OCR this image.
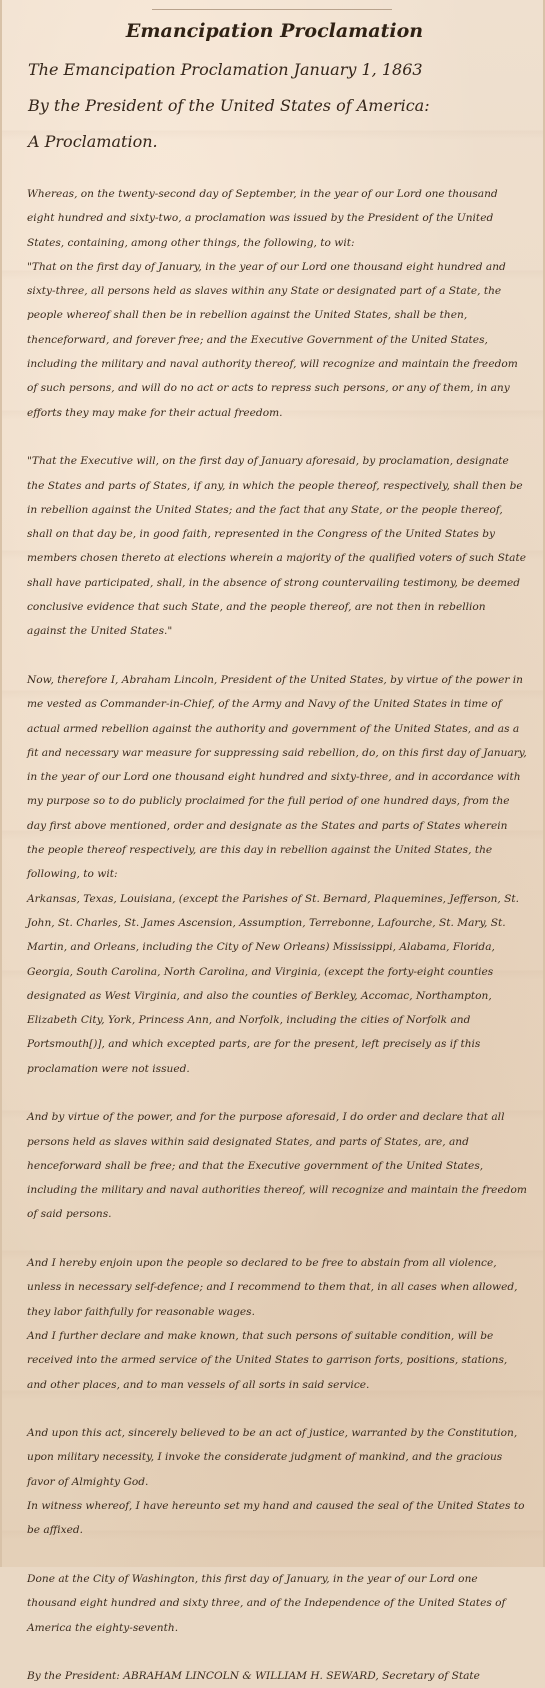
Emancipation Proclamation
The Emancipation Proclamation January 1, 1863
By the President of the United States of America:
A Proclamation.

Whereas, on the twenty-second day of September, in the year of our Lord one thousand eight hundred and sixty-two, a proclamation was issued by the President of the United States, containing, among other things, the following, to wit:

"That on the first day of January, in the year of our Lord one thousand eight hundred and sixty-three, all persons held as slaves within any State or designated part of a State, the people whereof shall then be in rebellion against the United States, shall be then, thenceforward, and forever free; and the Executive Government of the United States, including the military and naval authority thereof, will recognize and maintain the freedom of such persons, and will do no act or acts to repress such persons, or any of them, in any efforts they may make for their actual freedom.

"That the Executive will, on the first day of January aforesaid, by proclamation, designate the States and parts of States, if any, in which the people thereof, respectively, shall then be in rebellion against the United States; and the fact that any State, or the people thereof, shall on that day be, in good faith, represented in the Congress of the United States by members chosen thereto at elections wherein a majority of the qualified voters of such State shall have participated, shall, in the absence of strong countervailing testimony, be deemed conclusive evidence that such State, and the people thereof, are not then in rebellion against the United States."

Now, therefore I, Abraham Lincoln, President of the United States, by virtue of the power in me vested as Commander-in-Chief, of the Army and Navy of the United States in time of actual armed rebellion against the authority and government of the United States, and as a fit and necessary war measure for suppressing said rebellion, do, on this first day of January, in the year of our Lord one thousand eight hundred and sixty-three, and in accordance with my purpose so to do publicly proclaimed for the full period of one hundred days, from the day first above mentioned, order and designate as the States and parts of States wherein the people thereof respectively, are this day in rebellion against the United States, the following, to wit:

Arkansas, Texas, Louisiana, (except the Parishes of St. Bernard, Plaquemines, Jefferson, St. John, St. Charles, St. James Ascension, Assumption, Terrebonne, Lafourche, St. Mary, St. Martin, and Orleans, including the City of New Orleans) Mississippi, Alabama, Florida, Georgia, South Carolina, North Carolina, and Virginia, (except the forty-eight counties designated as West Virginia, and also the counties of Berkley, Accomac, Northampton, Elizabeth City, York, Princess Ann, and Norfolk, including the cities of Norfolk and Portsmouth[)], and which excepted parts, are for the present, left precisely as if this proclamation were not issued.

And by virtue of the power, and for the purpose aforesaid, I do order and declare that all persons held as slaves within said designated States, and parts of States, are, and henceforward shall be free; and that the Executive government of the United States, including the military and naval authorities thereof, will recognize and maintain the freedom of said persons.

And I hereby enjoin upon the people so declared to be free to abstain from all violence, unless in necessary self-defence; and I recommend to them that, in all cases when allowed, they labor faithfully for reasonable wages.

And I further declare and make known, that such persons of suitable condition, will be received into the armed service of the United States to garrison forts, positions, stations, and other places, and to man vessels of all sorts in said service.

And upon this act, sincerely believed to be an act of justice, warranted by the Constitution, upon military necessity, I invoke the considerate judgment of mankind, and the gracious favor of Almighty God.

In witness whereof, I have hereunto set my hand and caused the seal of the United States to be affixed.

Done at the City of Washington, this first day of January, in the year of our Lord one thousand eight hundred and sixty three, and of the Independence of the United States of America the eighty-seventh.

By the President: ABRAHAM LINCOLN & WILLIAM H. SEWARD, Secretary of State
